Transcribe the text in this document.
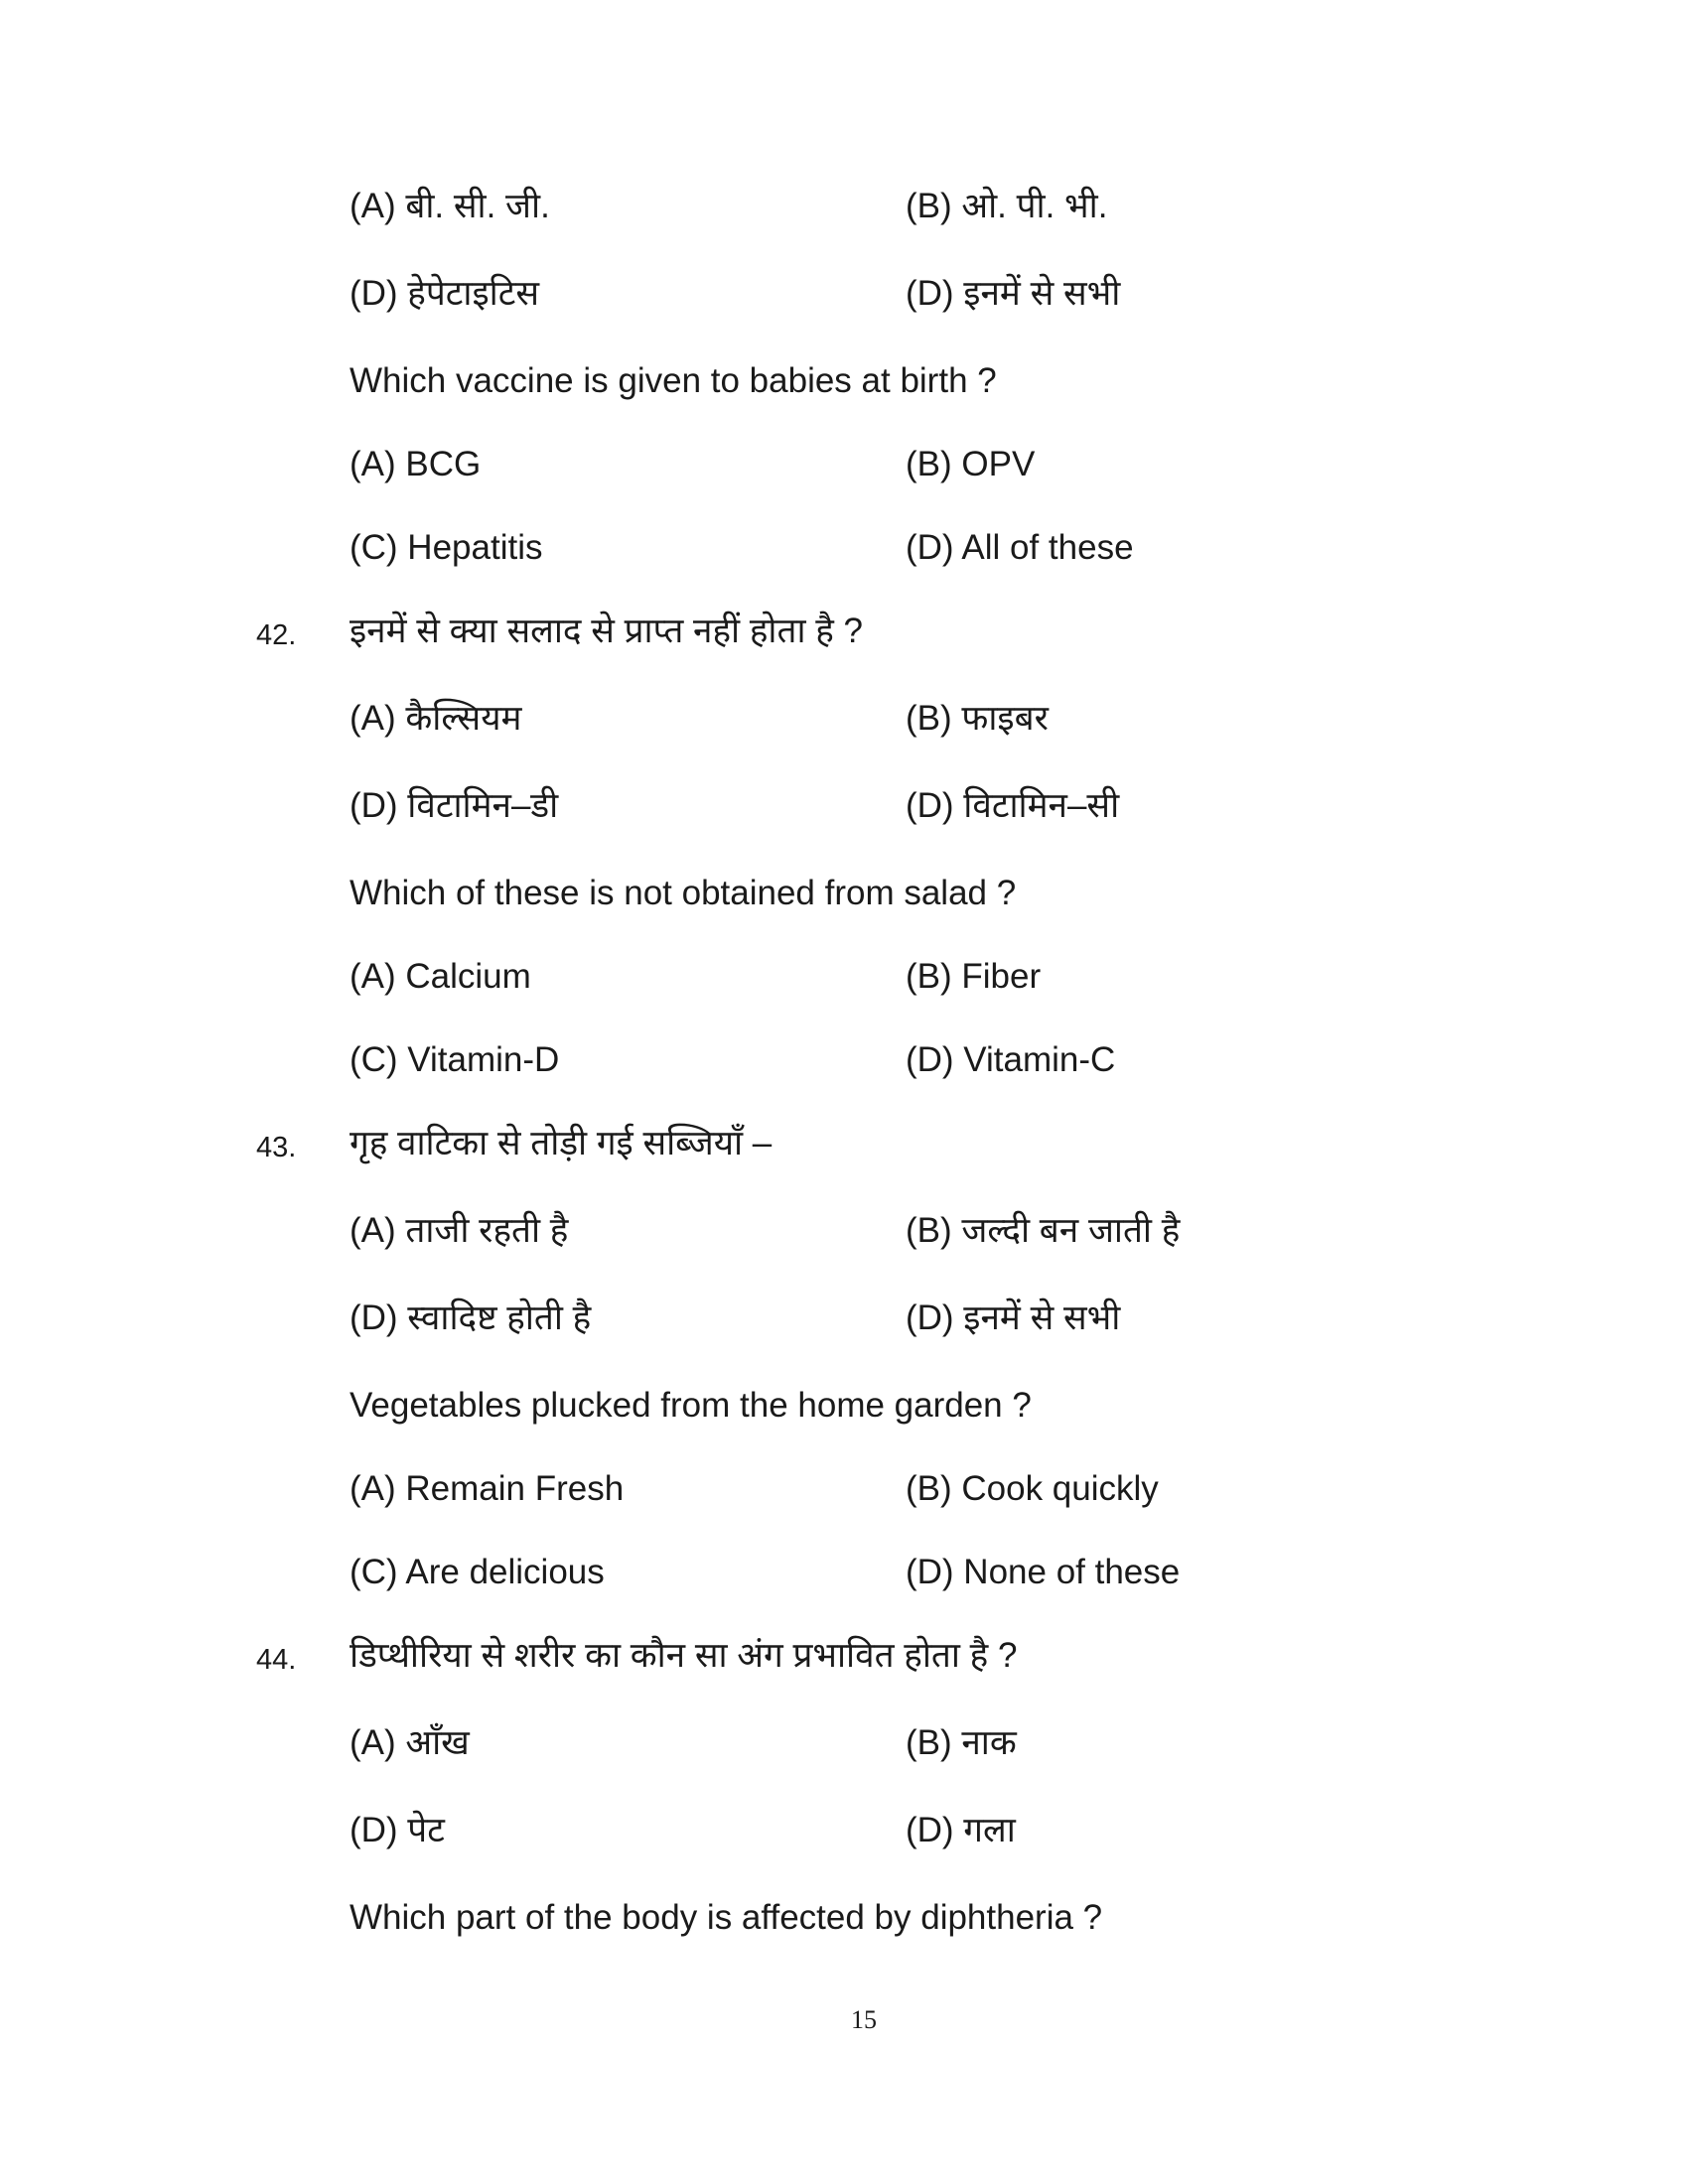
(A) बी. सी. जी.	(B) ओ. पी. भी.
(D) हेपेटाइटिस	(D) इनमें से सभी
Which vaccine is given to babies at birth ?
(A) BCG	(B) OPV
(C) Hepatitis	(D) All of these
42. इनमें से क्या सलाद से प्राप्त नहीं होता है ?
(A) कैल्सियम	(B) फाइबर
(D) विटामिन–डी	(D) विटामिन–सी
Which of these is not obtained from salad ?
(A) Calcium	(B) Fiber
(C) Vitamin-D	(D) Vitamin-C
43. गृह वाटिका से तोड़ी गई सब्जियाँ –
(A) ताजी रहती है	(B) जल्दी बन जाती है
(D) स्वादिष्ट होती है	(D) इनमें से सभी
Vegetables plucked from the home garden ?
(A) Remain Fresh	(B) Cook quickly
(C) Are delicious	(D) None of these
44. डिप्थीरिया से शरीर का कौन सा अंग प्रभावित होता है ?
(A) आँख	(B) नाक
(D) पेट	(D) गला
Which part of the body is affected by diphtheria ?
15
